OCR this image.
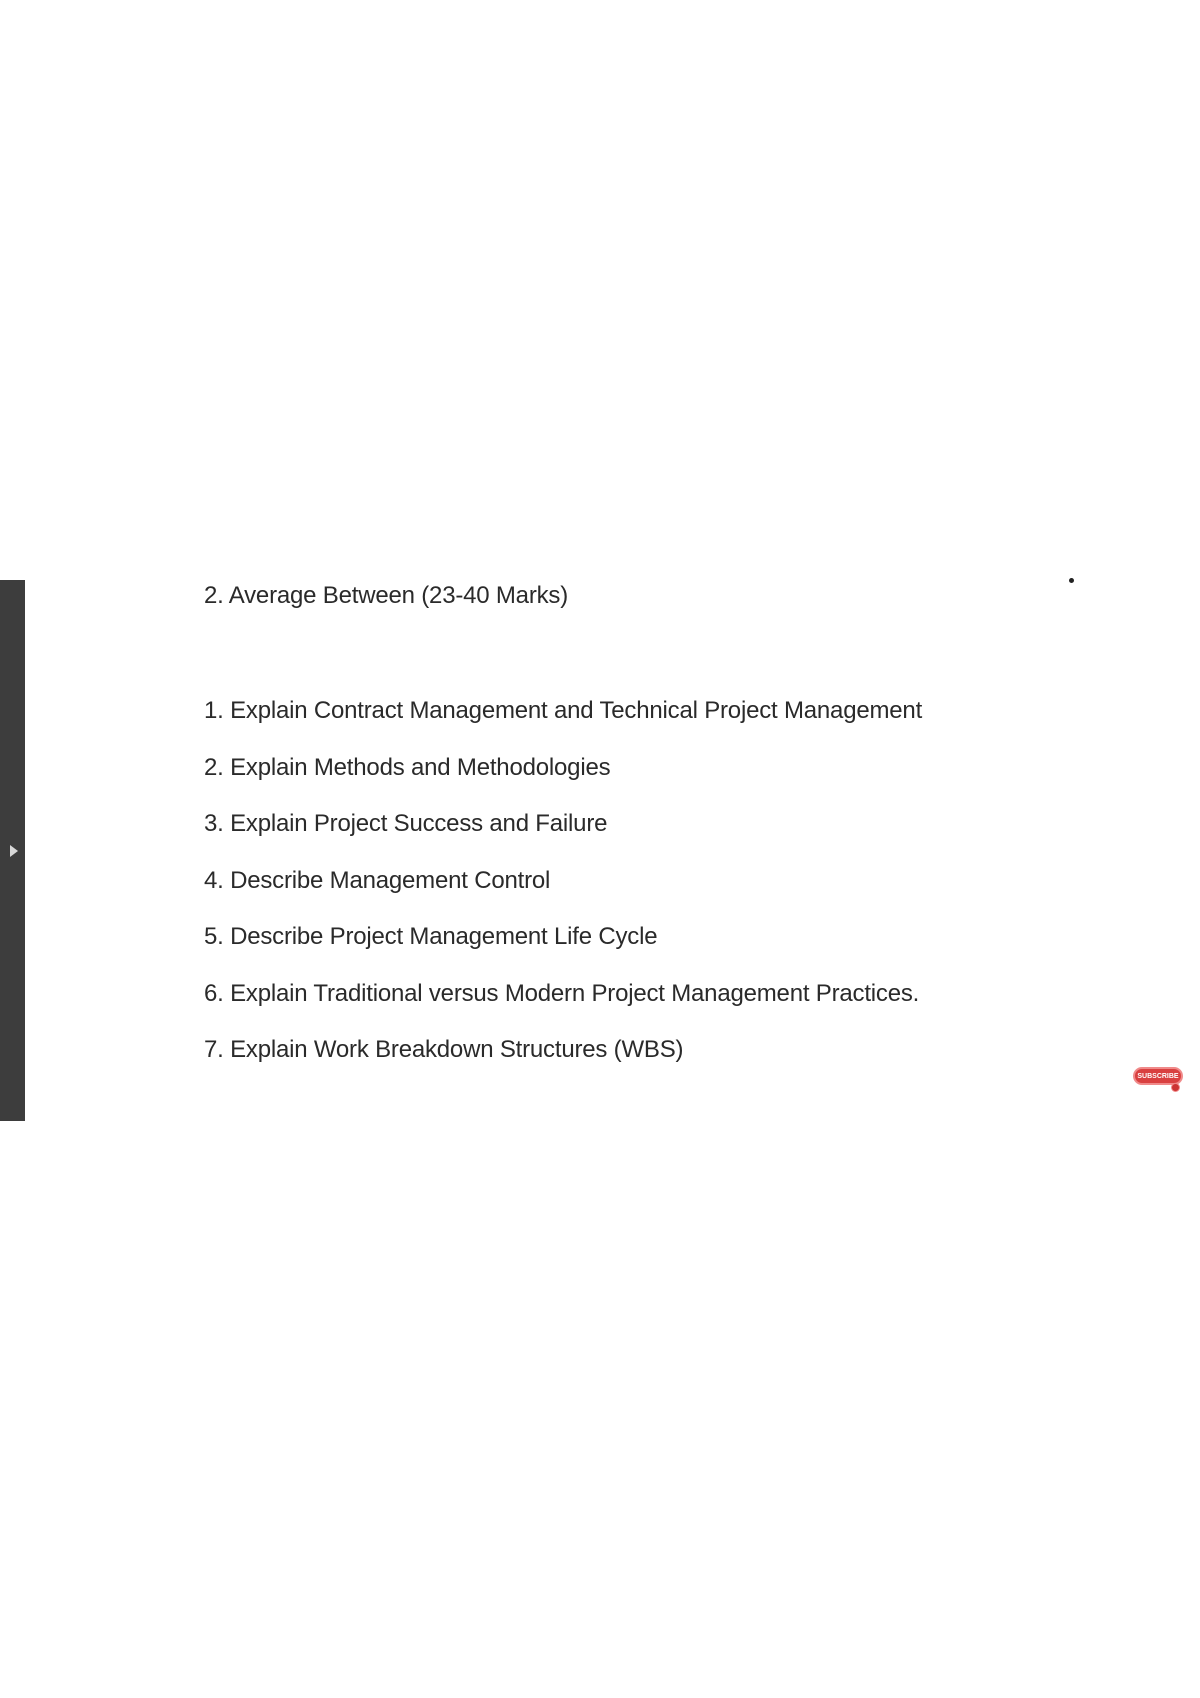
2. Average Between (23-40 Marks)
1. Explain Contract Management and Technical Project Management
2. Explain Methods and Methodologies
3. Explain Project Success and Failure
4. Describe Management Control
5. Describe Project Management Life Cycle
6. Explain Traditional versus Modern Project Management Practices.
7. Explain Work Breakdown Structures (WBS)
SUBSCRIBE
